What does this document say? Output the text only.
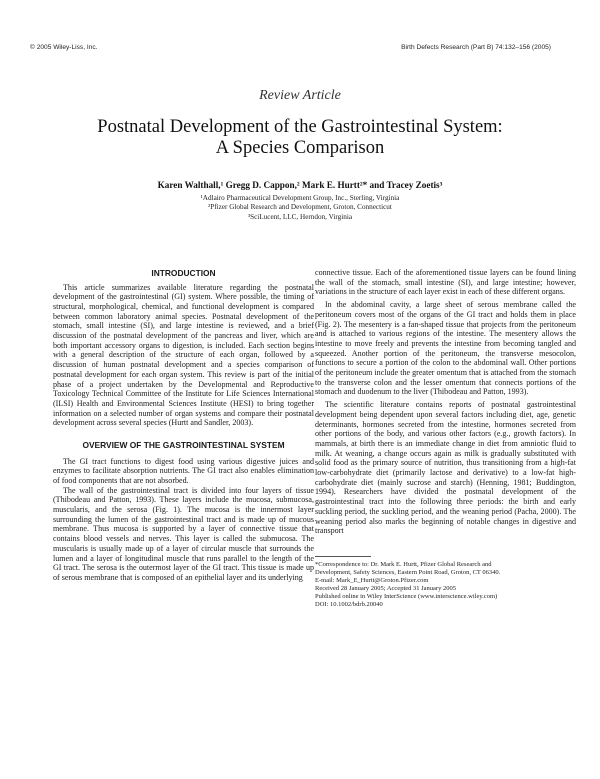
© 2005 Wiley-Liss, Inc.	Birth Defects Research (Part B) 74:132–156 (2005)
Review Article
Postnatal Development of the Gastrointestinal System:
A Species Comparison
Karen Walthall,¹ Gregg D. Cappon,² Mark E. Hurtt²* and Tracey Zoetis³
¹Adlairo Pharmaceutical Development Group, Inc., Sterling, Virginia
²Pfizer Global Research and Development, Groton, Connecticut
³SciLucent, LLC, Herndon, Virginia
INTRODUCTION

This article summarizes available literature regarding the postnatal development of the gastrointestinal (GI) system. Where possible, the timing of structural, morphological, chemical, and functional development is compared between common laboratory animal species. Postnatal development of the stomach, small intestine (SI), and large intestine is reviewed, and a brief discussion of the postnatal development of the pancreas and liver, which are both important accessory organs to digestion, is included. Each section begins with a general description of the structure of each organ, followed by a discussion of human postnatal development and a species comparison of postnatal development for each organ system. This review is part of the initial phase of a project undertaken by the Developmental and Reproductive Toxicology Technical Committee of the Institute for Life Sciences International (ILSI) Health and Environmental Sciences Institute (HESI) to bring together information on a selected number of organ systems and compare their postnatal development across several species (Hurtt and Sandler, 2003).

OVERVIEW OF THE GASTROINTESTINAL SYSTEM

The GI tract functions to digest food using various digestive juices and enzymes to facilitate absorption nutrients. The GI tract also enables elimination of food components that are not absorbed.

The wall of the gastrointestinal tract is divided into four layers of tissue (Thibodeau and Patton, 1993). These layers include the mucosa, submucosa, muscularis, and the serosa (Fig. 1). The mucosa is the innermost layer surrounding the lumen of the gastrointestinal tract and is made up of mucous membrane. Thus mucosa is supported by a layer of connective tissue that contains blood vessels and nerves. This layer is called the submucosa. The muscularis is usually made up of a layer of circular muscle that surrounds the lumen and a layer of longitudinal muscle that runs parallel to the length of the GI tract. The serosa is the outermost layer of the GI tract. This tissue is made up of serous membrane that is composed of an epithelial layer and its underlying

connective tissue. Each of the aforementioned tissue layers can be found lining the wall of the stomach, small intestine (SI), and large intestine; however, variations in the structure of each layer exist in each of these different organs.

In the abdominal cavity, a large sheet of serous membrane called the peritoneum covers most of the organs of the GI tract and holds them in place (Fig. 2). The mesentery is a fan-shaped tissue that projects from the peritoneum and is attached to various regions of the intestine. The mesentery allows the intestine to move freely and prevents the intestine from becoming tangled and squeezed. Another portion of the peritoneum, the transverse mesocolon, functions to secure a portion of the colon to the abdominal wall. Other portions of the peritoneum include the greater omentum that is attached from the stomach to the transverse colon and the lesser omentum that connects portions of the stomach and duodenum to the liver (Thibodeau and Patton, 1993).

The scientific literature contains reports of postnatal gastrointestinal development being dependent upon several factors including diet, age, genetic determinants, hormones secreted from the intestine, hormones secreted from other portions of the body, and various other factors (e.g., growth factors). In mammals, at birth there is an immediate change in diet from amniotic fluid to milk. At weaning, a change occurs again as milk is gradually substituted with solid food as the primary source of nutrition, thus transitioning from a high-fat low-carbohydrate diet (primarily lactose and derivative) to a low-fat high-carbohydrate diet (mainly sucrose and starch) (Henning, 1981; Buddington, 1994). Researchers have divided the postnatal development of the gastrointestinal tract into the following three periods: the birth and early suckling period, the suckling period, and the weaning period (Pacha, 2000). The weaning period also marks the beginning of notable changes in digestive and transport

*Correspondence to: Dr. Mark E. Hurtt, Pfizer Global Research and
Development, Safety Sciences, Eastern Point Road, Groton, CT 06340.
E-mail: Mark_E_Hurtt@Groton.Pfizer.com
Received 28 January 2005; Accepted 31 January 2005
Published online in Wiley InterScience (www.interscience.wiley.com)
DOI: 10.1002/bdrb.20040
